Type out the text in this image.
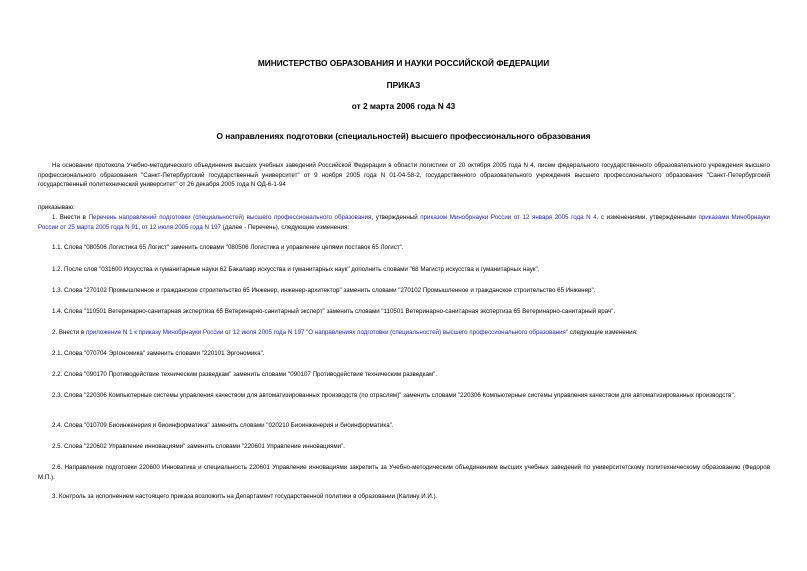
МИНИСТЕРСТВО ОБРАЗОВАНИЯ И НАУКИ РОССИЙСКОЙ ФЕДЕРАЦИИ
ПРИКАЗ
от 2 марта 2006 года N 43
О направлениях подготовки (специальностей) высшего профессионального образования
На основании протокола Учебно-методического объединения высших учебных заведений Российской Федерации в области логистики от 20 октября 2005 года N 4, писем федерального государственного образовательного учреждения высшего профессионального образования "Санкт-Петербургский государственный университет" от 9 ноября 2005 года N 01-04-58-2, государственного образовательного учреждения высшего профессионального образования "Санкт-Петербургский государственный политехнический университет" от 26 декабря 2005 года N ОД-6-1-94
приказываю:
1. Внести в Перечень направлений подготовки (специальностей) высшего профессионального образования, утвержденный приказом Минобрнауки России от 12 января 2005 года N 4, с изменениями, утвержденными приказами Минобрнауки России от 25 марта 2005 года N 91, от 12 июля 2005 года N 197 (далее - Перечень), следующие изменения:
1.1. Слова "080506 Логистика 65 Логист" заменить словами "080506 Логистика и управление цепями поставок 65 Логист".
1.2. После слов "031600 Искусства и гуманитарные науки 62 Бакалавр искусства и гуманитарных наук" дополнить словами "68 Магистр искусства и гуманитарных наук".
1.3. Слова "270102 Промышленное и гражданское строительство 65 Инженер, инженер-архитектор" заменить словами "270102 Промышленное и гражданское строительство 65 Инженер".
1.4. Слова "110501 Ветеринарно-санитарная экспертиза 65 Ветеринарно-санитарный эксперт" заменить словами "110501 Ветеринарно-санитарная экспертиза 65 Ветеринарно-санитарный врач".
2. Внести в приложение N 1 к приказу Минобрнауки России от 12 июля 2005 года N 197 "О направлениях подготовки (специальностей) высшего профессионального образования" следующие изменения:
2.1. Слова "070704 Эргономика" заменить словами "220101 Эргономика".
2.2. Слова "090170 Противодействие техническим разведкам" заменить словами "090107 Противодействие техническим разведкам".
2.3. Слова "220306 Компьютерные системы управления качеством для автоматизированных производств (по отраслям)" заменить словами "220306 Компьютерные системы управления качеством для автоматизированных производств".
2.4. Слова "010709 Биоинженерия и биоинформатика" заменить словами "020210 Биоинженерия и биоинформатика".
2.5. Слова "220602 Управление инновациями" заменить словами "220601 Управление инновациями".
2.6. Направление подготовки 220600 Инноватика и специальность 220601 Управление инновациями закрепить за Учебно-методическим объединением высших учебных заведений по университетскому политехническому образованию (Федоров М.П.).
3. Контроль за исполнением настоящего приказа возложить на Департамент государственной политики в образовании (Калину И.И.).
